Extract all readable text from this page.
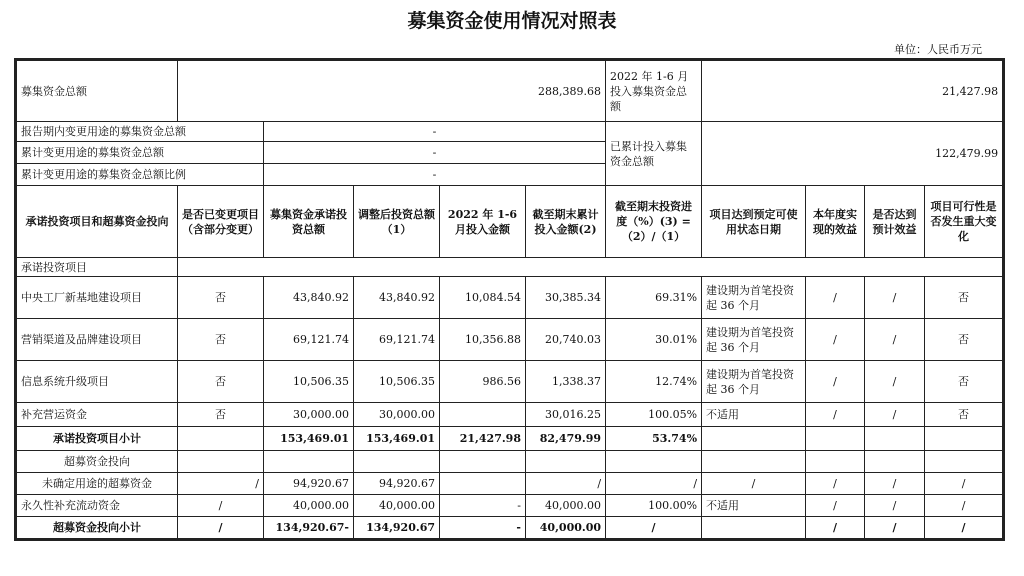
募集资金使用情况对照表
单位：人民币万元
募集资金总额	288,389.68					2022 年 1-6 月投入募集资金总额	21,427.98			
报告期内变更用途的募集资金总额		-				已累计投入募集资金总额	122,479.99			
累计变更用途的募集资金总额		-								
累计变更用途的募集资金总额比例		-								
承诺投资项目和超募资金投向	是否已变更项目（含部分变更）	募集资金承诺投资总额	调整后投资总额（1）	2022 年 1-6 月投入金额	截至期末累计投入金额(2)	截至期末投资进度（%）(3) =（2）/（1）	项目达到预定可使用状态日期	本年度实现的效益	是否达到预计效益	项目可行性是否发生重大变化
承诺投资项目										
中央工厂新基地建设项目	否	43,840.92	43,840.92	10,084.54	30,385.34	69.31%	建设期为首笔投资起 36 个月	/	/	否
营销渠道及品牌建设项目	否	69,121.74	69,121.74	10,356.88	20,740.03	30.01%	建设期为首笔投资起 36 个月	/	/	否
信息系统升级项目	否	10,506.35	10,506.35	986.56	1,338.37	12.74%	建设期为首笔投资起 36 个月	/	/	否
补充营运资金	否	30,000.00	30,000.00		30,016.25	100.05%	不适用	/	/	否
承诺投资项目小计		153,469.01	153,469.01	21,427.98	82,479.99	53.74%				
超募资金投向										
未确定用途的超募资金	/	94,920.67	94,920.67		/	/	/	/	/	/
永久性补充流动资金	/	40,000.00	40,000.00	-	40,000.00	100.00%	不适用	/	/	/
超募资金投向小计	/	134,920.67-	134,920.67	-	40,000.00	/		/	/	/
